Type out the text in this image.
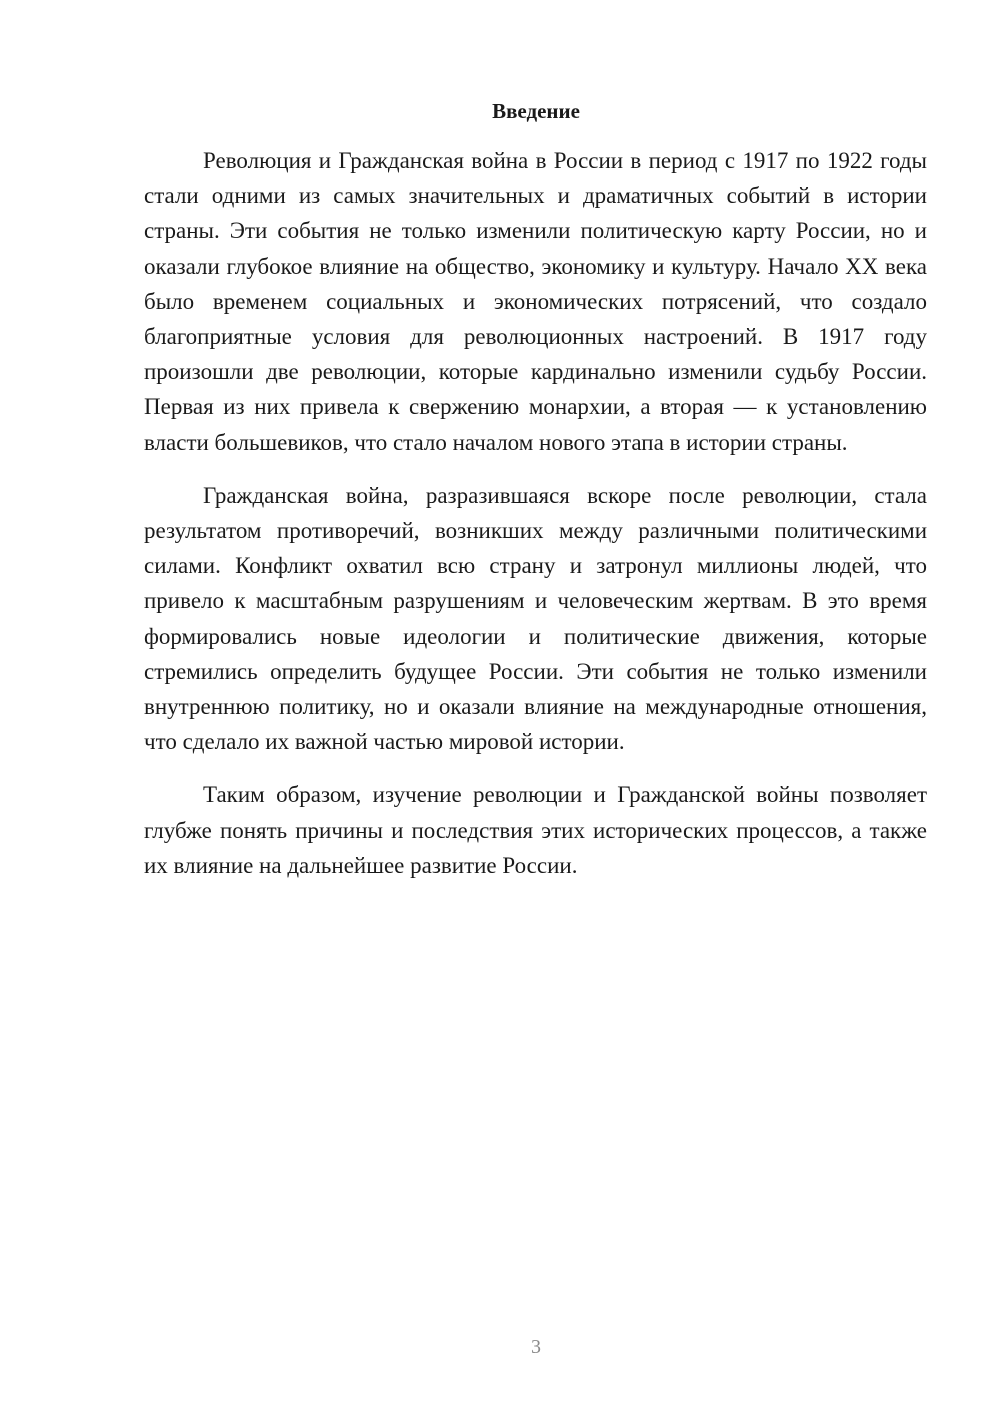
Введение

Революция и Гражданская война в России в период с 1917 по 1922 годы стали одними из самых значительных и драматичных событий в истории страны. Эти события не только изменили политическую карту России, но и оказали глубокое влияние на общество, экономику и культуру. Начало XX века было временем социальных и экономических потрясений, что создало благоприятные условия для революционных настроений. В 1917 году произошли две революции, которые кардинально изменили судьбу России. Первая из них привела к свержению монархии, а вторая — к установлению власти большевиков, что стало началом нового этапа в истории страны.

Гражданская война, разразившаяся вскоре после революции, стала результатом противоречий, возникших между различными политическими силами. Конфликт охватил всю страну и затронул миллионы людей, что привело к масштабным разрушениям и человеческим жертвам. В это время формировались новые идеологии и политические движения, которые стремились определить будущее России. Эти события не только изменили внутреннюю политику, но и оказали влияние на международные отношения, что сделало их важной частью мировой истории.

Таким образом, изучение революции и Гражданской войны позволяет глубже понять причины и последствия этих исторических процессов, а также их влияние на дальнейшее развитие России.

3
